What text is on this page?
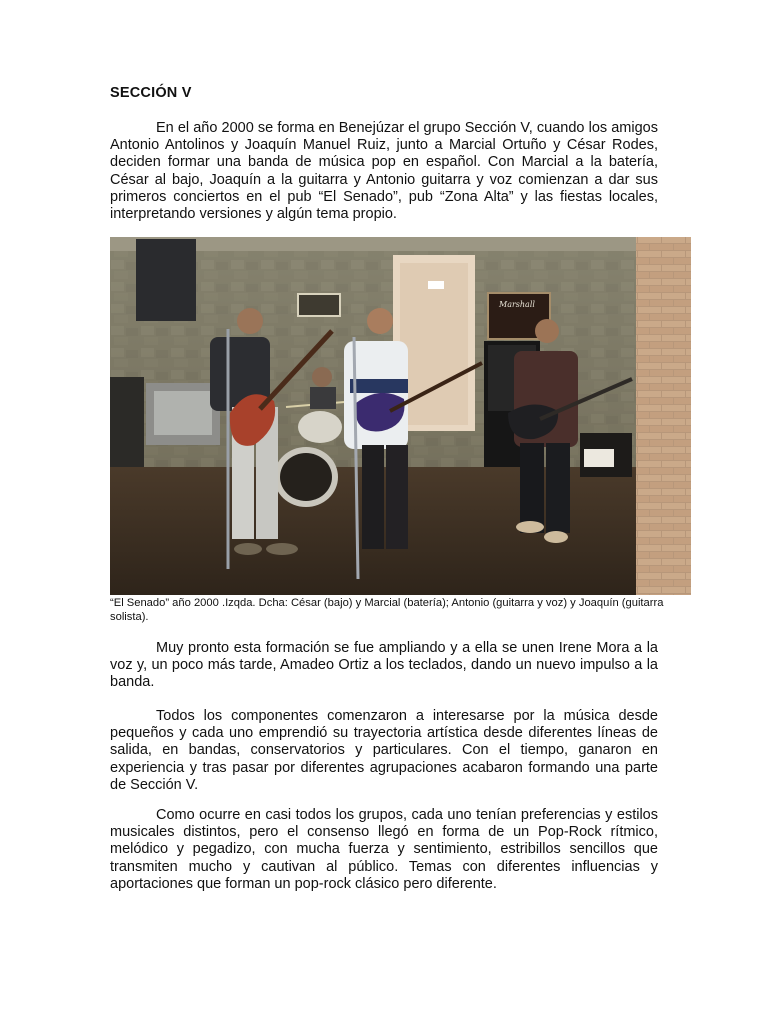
SECCIÓN V

En el año 2000 se forma en Benejúzar el grupo Sección V, cuando los amigos Antonio Antolinos y Joaquín Manuel Ruiz, junto a Marcial Ortuño y César Rodes, deciden formar una banda de música pop en español. Con Marcial a la batería, César al bajo, Joaquín a la guitarra y Antonio guitarra y voz comienzan a dar sus primeros conciertos en el pub “El Senado”, pub “Zona Alta” y las fiestas locales, interpretando versiones y algún tema propio.

Marshall
“El Senado” año 2000 .Izqda. Dcha: César (bajo) y Marcial (batería); Antonio (guitarra y voz) y Joaquín (guitarra solista).

Muy pronto esta formación se fue ampliando y a ella se unen Irene Mora a la voz y, un poco más tarde, Amadeo Ortiz a los teclados, dando un nuevo impulso a la banda.

Todos los componentes comenzaron a interesarse por la música desde pequeños y cada uno emprendió su trayectoria artística desde diferentes líneas de salida, en bandas, conservatorios y particulares. Con el tiempo, ganaron en experiencia y tras pasar por diferentes agrupaciones acabaron formando una parte de Sección V.

Como ocurre en casi todos los grupos, cada uno tenían preferencias y estilos musicales distintos, pero el consenso llegó en forma de un Pop-Rock rítmico, melódico y pegadizo, con mucha fuerza y sentimiento, estribillos sencillos que transmiten mucho y cautivan al público. Temas con diferentes influencias y aportaciones que forman un pop-rock clásico pero diferente.
